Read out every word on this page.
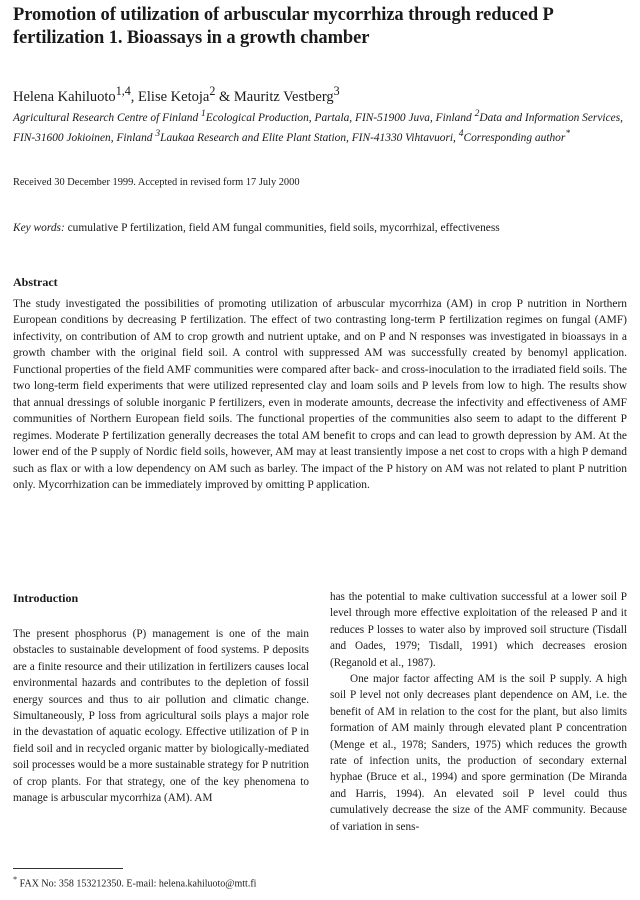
Promotion of utilization of arbuscular mycorrhiza through reduced P fertilization 1. Bioassays in a growth chamber
Helena Kahiluoto$^{1,4}$, Elise Ketoja$^2$ & Mauritz Vestberg$^3$
Agricultural Research Centre of Finland $^1$Ecological Production, Partala, FIN-51900 Juva, Finland $^2$Data and Information Services, FIN-31600 Jokioinen, Finland $^3$Laukaa Research and Elite Plant Station, FIN-41330 Vihtavuori, $^4$Corresponding author*
Received 30 December 1999. Accepted in revised form 17 July 2000
Key words: cumulative P fertilization, field AM fungal communities, field soils, mycorrhizal, effectiveness
Abstract
The study investigated the possibilities of promoting utilization of arbuscular mycorrhiza (AM) in crop P nutrition in Northern European conditions by decreasing P fertilization. The effect of two contrasting long-term P fertilization regimes on fungal (AMF) infectivity, on contribution of AM to crop growth and nutrient uptake, and on P and N responses was investigated in bioassays in a growth chamber with the original field soil. A control with suppressed AM was successfully created by benomyl application. Functional properties of the field AMF communities were compared after back- and cross-inoculation to the irradiated field soils. The two long-term field experiments that were utilized represented clay and loam soils and P levels from low to high. The results show that annual dressings of soluble inorganic P fertilizers, even in moderate amounts, decrease the infectivity and effectiveness of AMF communities of Northern European field soils. The functional properties of the communities also seem to adapt to the different P regimes. Moderate P fertilization generally decreases the total AM benefit to crops and can lead to growth depression by AM. At the lower end of the P supply of Nordic field soils, however, AM may at least transiently impose a net cost to crops with a high P demand such as flax or with a low dependency on AM such as barley. The impact of the P history on AM was not related to plant P nutrition only. Mycorrhization can be immediately improved by omitting P application.
Introduction

The present phosphorus (P) management is one of the main obstacles to sustainable development of food systems. P deposits are a finite resource and their utilization in fertilizers causes local environmental hazards and contributes to the depletion of fossil energy sources and thus to air pollution and climatic change. Simultaneously, P loss from agricultural soils plays a major role in the devastation of aquatic ecology. Effective utilization of P in field soil and in recycled organic matter by biologically-mediated soil processes would be a more sustainable strategy for P nutrition of crop plants. For that strategy, one of the key phenomena to manage is arbuscular mycorrhiza (AM). AM

has the potential to make cultivation successful at a lower soil P level through more effective exploitation of the released P and it reduces P losses to water also by improved soil structure (Tisdall and Oades, 1979; Tisdall, 1991) which decreases erosion (Reganold et al., 1987).

One major factor affecting AM is the soil P supply. A high soil P level not only decreases plant dependence on AM, i.e. the benefit of AM in relation to the cost for the plant, but also limits formation of AM mainly through elevated plant P concentration (Menge et al., 1978; Sanders, 1975) which reduces the growth rate of infection units, the production of secondary external hyphae (Bruce et al., 1994) and spore germination (De Miranda and Harris, 1994). An elevated soil P level could thus cumulatively decrease the size of the AMF community. Because of variation in sens-

* FAX No: 358 153212350. E-mail: helena.kahiluoto@mtt.fi
